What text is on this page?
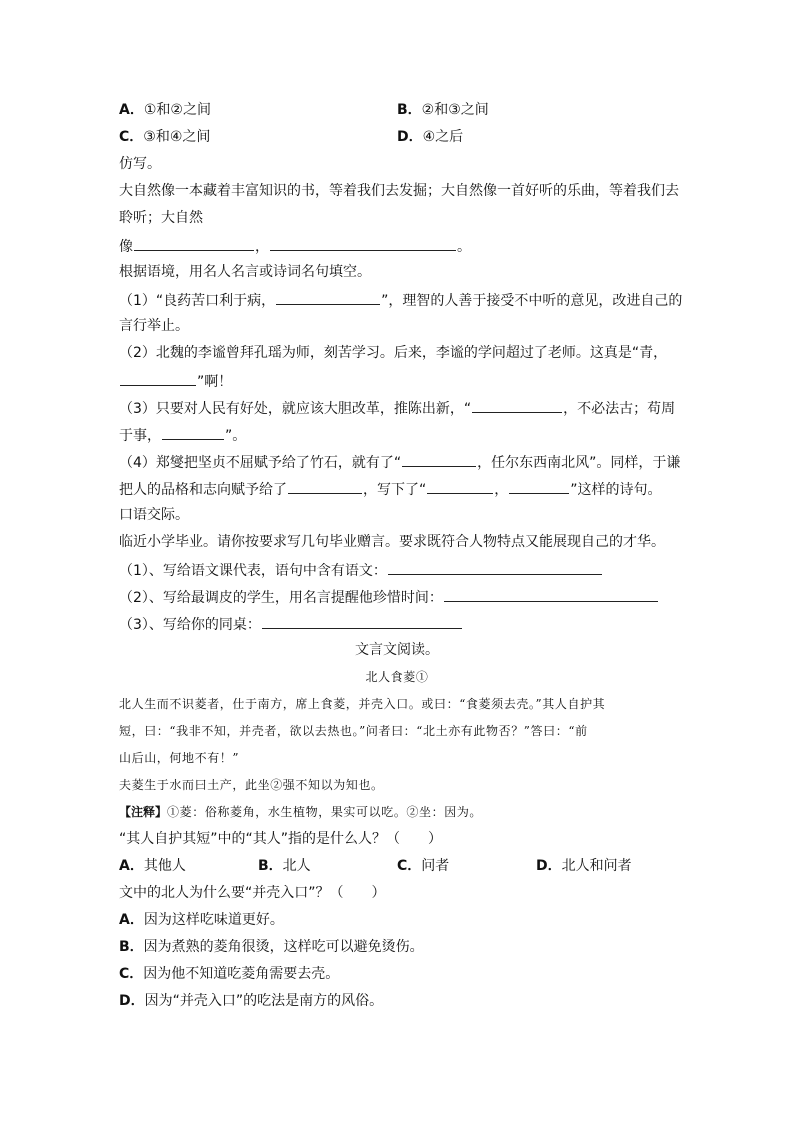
A．①和②之间	B．②和③之间
C．③和④之间	D．④之后
仿写。
大自然像一本藏着丰富知识的书，等着我们去发掘；大自然像一首好听的乐曲，等着我们去
聆听；大自然
像	，	。
根据语境，用名人名言或诗词名句填空。
（1）“良药苦口利于病，	”，理智的人善于接受不中听的意见，改进自己的
言行举止。
（2）北魏的李谧曾拜孔瑶为师，刻苦学习。后来，李谧的学问超过了老师。这真是“青，
”啊！
（3）只要对人民有好处，就应该大胆改革，推陈出新，“	，不必法古；苟周
于事，	”。
（4）郑燮把坚贞不屈赋予给了竹石，就有了“	，任尔东西南北风”。同样，于谦
把人的品格和志向赋予给了	，写下了“	，	”这样的诗句。
口语交际。
临近小学毕业。请你按要求写几句毕业赠言。要求既符合人物特点又能展现自己的才华。
（1）、写给语文课代表，语句中含有语文：
（2）、写给最调皮的学生，用名言提醒他珍惜时间：
（3）、写给你的同桌：
文言文阅读。
北人食菱①
北人生而不识菱者，仕于南方，席上食菱，并壳入口。或曰：“食菱须去壳。”其人自护其
短，曰：“我非不知，并壳者，欲以去热也。”问者曰：“北土亦有此物否？”答曰：“前
山后山，何地不有！”
夫菱生于水而曰土产，此坐②强不知以为知也。
【注释】①菱：俗称菱角，水生植物，果实可以吃。②坐：因为。
“其人自护其短”中的“其人”指的是什么人？（　　）
A．其他人	B．北人	C．问者	D．北人和问者
文中的北人为什么要“并壳入口”？（　　）
A．因为这样吃味道更好。
B．因为煮熟的菱角很烫，这样吃可以避免烫伤。
C．因为他不知道吃菱角需要去壳。
D．因为“并壳入口”的吃法是南方的风俗。
